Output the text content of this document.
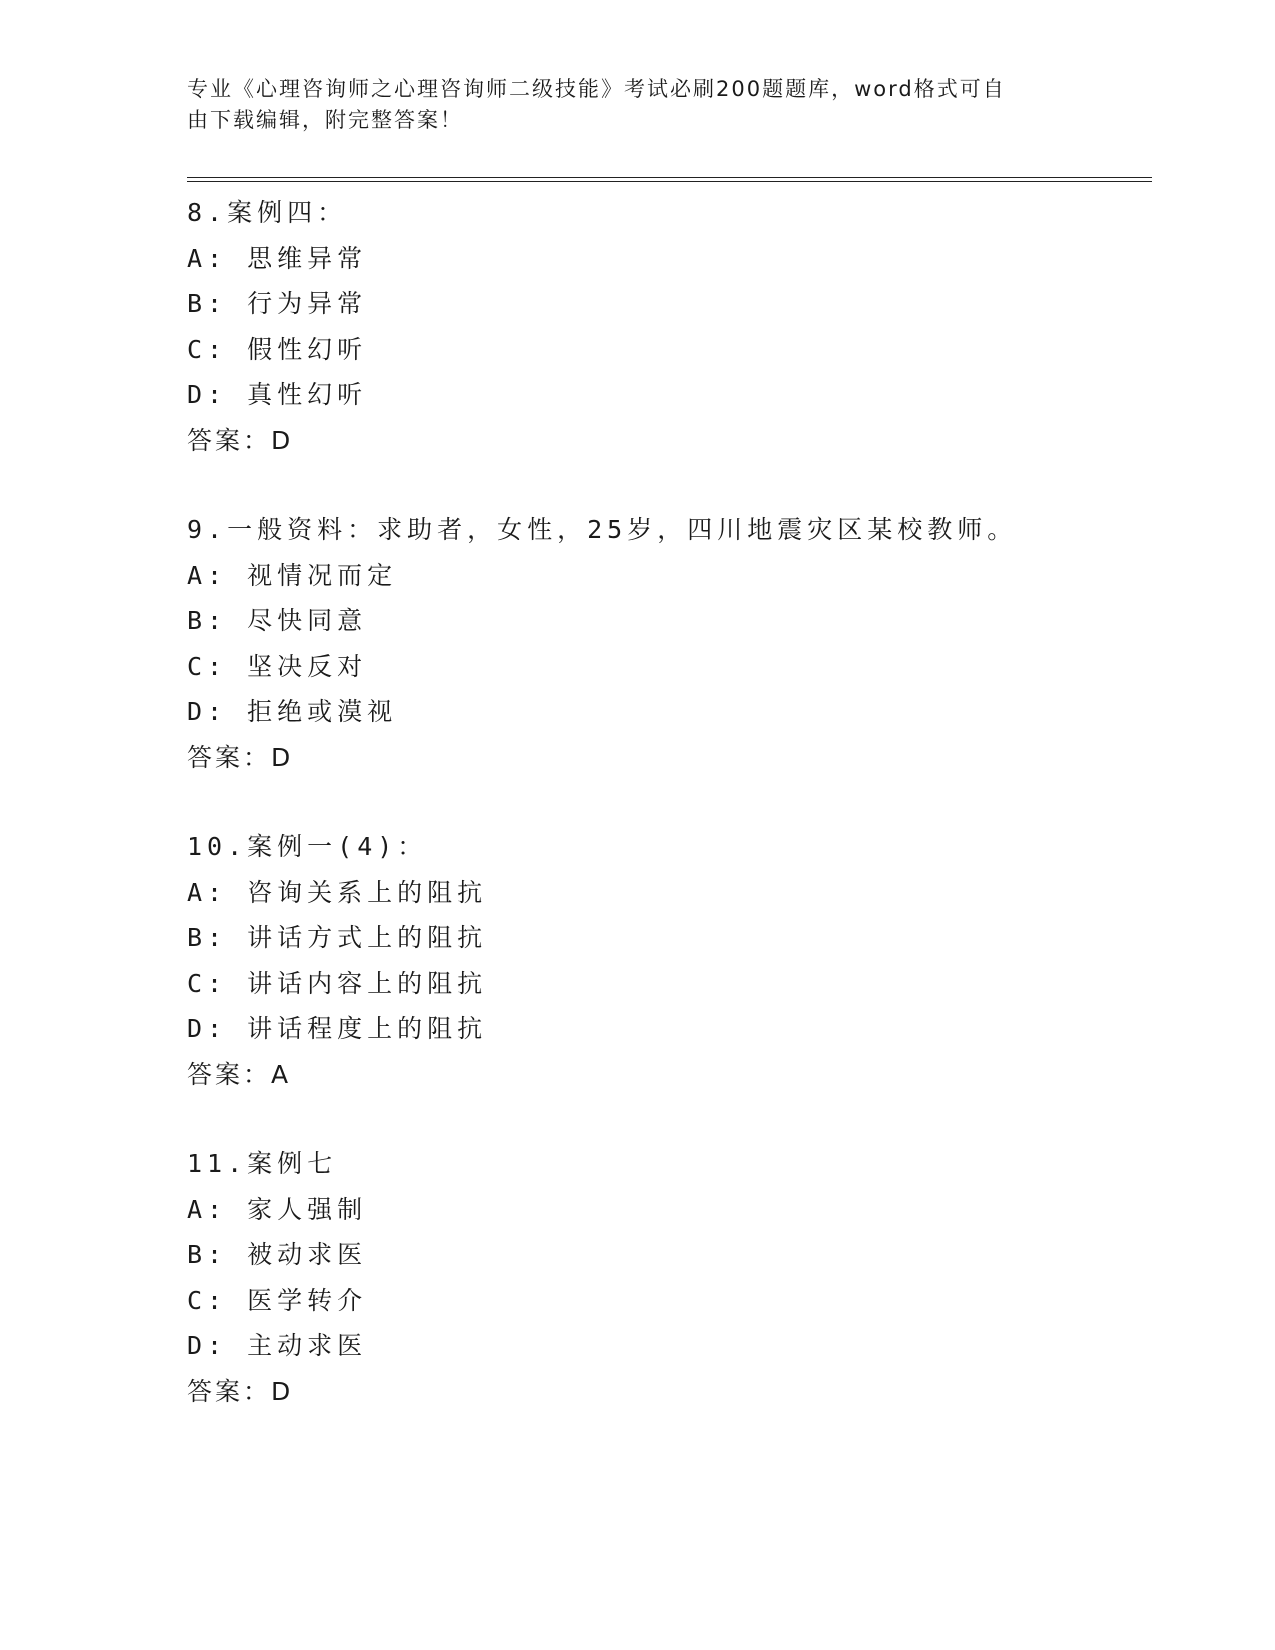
专业《心理咨询师之心理咨询师二级技能》考试必刷200题题库，word格式可自
由下载编辑，附完整答案！
8.案例四：
A: 思维异常
B: 行为异常
C: 假性幻听
D: 真性幻听
答案：D
9.一般资料：求助者，女性，25岁，四川地震灾区某校教师。
A: 视情况而定
B: 尽快同意
C: 坚决反对
D: 拒绝或漠视
答案：D
10.案例一(4)：
A: 咨询关系上的阻抗
B: 讲话方式上的阻抗
C: 讲话内容上的阻抗
D: 讲话程度上的阻抗
答案：A
11.案例七
A: 家人强制
B: 被动求医
C: 医学转介
D: 主动求医
答案：D
